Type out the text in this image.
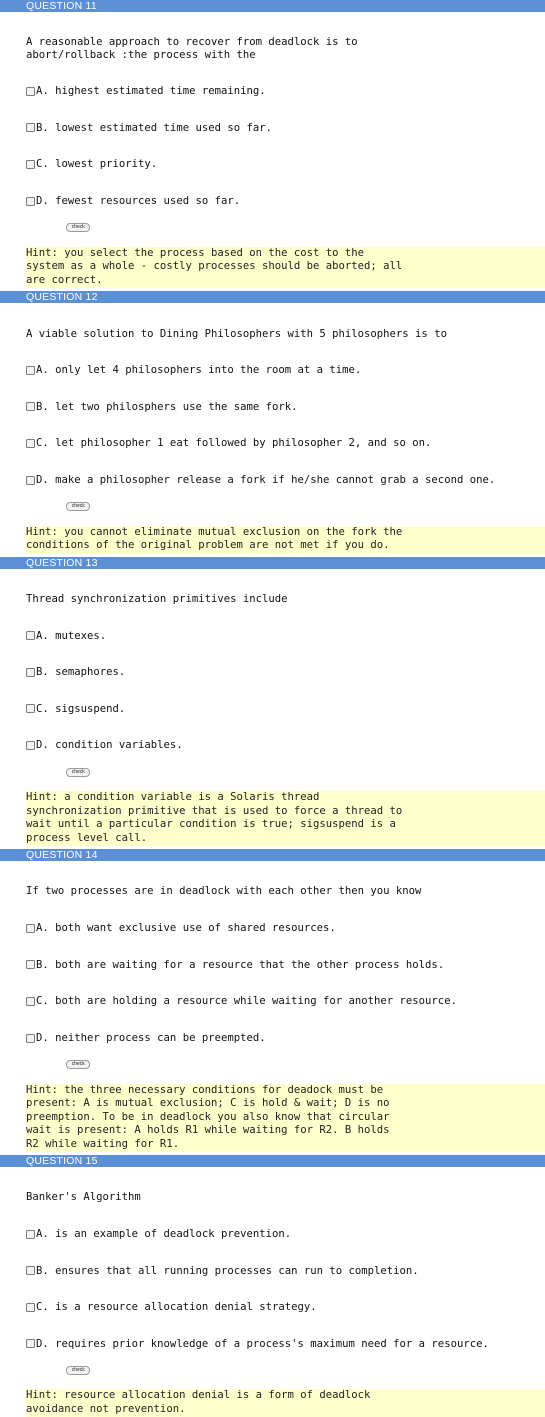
QUESTION 11

A reasonable approach to recover from deadlock is to
abort/rollback :the process with the

A. highest estimated time remaining.

B. lowest estimated time used so far.

C. lowest priority.

D. fewest resources used so far.

check

Hint: you select the process based on the cost to the
system as a whole - costly processes should be aborted; all
are correct.
QUESTION 12

A viable solution to Dining Philosophers with 5 philosophers is to

A. only let 4 philosophers into the room at a time.

B. let two philosphers use the same fork.

C. let philosopher 1 eat followed by philosopher 2, and so on.

D. make a philosopher release a fork if he/she cannot grab a second one.

check

Hint: you cannot eliminate mutual exclusion on the fork the
conditions of the original problem are not met if you do.
QUESTION 13

Thread synchronization primitives include

A. mutexes.

B. semaphores.

C. sigsuspend.

D. condition variables.

check

Hint: a condition variable is a Solaris thread
synchronization primitive that is used to force a thread to
wait until a particular condition is true; sigsuspend is a
process level call.
QUESTION 14

If two processes are in deadlock with each other then you know

A. both want exclusive use of shared resources.

B. both are waiting for a resource that the other process holds.

C. both are holding a resource while waiting for another resource.

D. neither process can be preempted.

check

Hint: the three necessary conditions for deadock must be
present: A is mutual exclusion; C is hold & wait; D is no
preemption. To be in deadlock you also know that circular
wait is present: A holds R1 while waiting for R2. B holds
R2 while waiting for R1.
QUESTION 15

Banker's Algorithm

A. is an example of deadlock prevention.

B. ensures that all running processes can run to completion.

C. is a resource allocation denial strategy.

D. requires prior knowledge of a process's maximum need for a resource.

check

Hint: resource allocation denial is a form of deadlock
avoidance not prevention.
